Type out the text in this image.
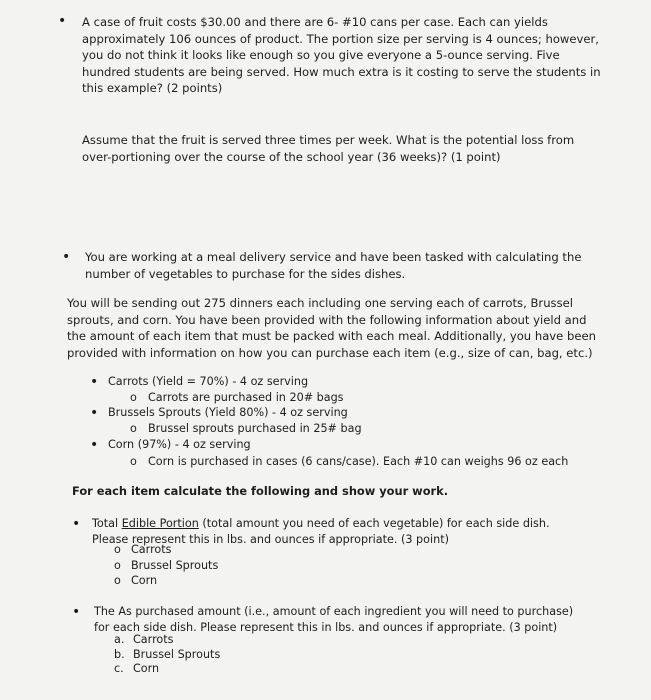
• A case of fruit costs $30.00 and there are 6- #10 cans per case. Each can yields approximately 106 ounces of product. The portion size per serving is 4 ounces; however, you do not think it looks like enough so you give everyone a 5-ounce serving. Five hundred students are being served. How much extra is it costing to serve the students in this example? (2 points)
Assume that the fruit is served three times per week. What is the potential loss from over-portioning over the course of the school year (36 weeks)? (1 point)
• You are working at a meal delivery service and have been tasked with calculating the number of vegetables to purchase for the sides dishes.
You will be sending out 275 dinners each including one serving each of carrots, Brussel sprouts, and corn. You have been provided with the following information about yield and the amount of each item that must be packed with each meal. Additionally, you have been provided with information on how you can purchase each item (e.g., size of can, bag, etc.)
• Carrots (Yield = 70%) - 4 oz serving
o Carrots are purchased in 20# bags
• Brussels Sprouts (Yield 80%) - 4 oz serving
o Brussel sprouts purchased in 25# bag
• Corn (97%) - 4 oz serving
o Corn is purchased in cases (6 cans/case). Each #10 can weighs 96 oz each
For each item calculate the following and show your work.
• Total Edible Portion (total amount you need of each vegetable) for each side dish. Please represent this in lbs. and ounces if appropriate. (3 point)
o Carrots
o Brussel Sprouts
o Corn
• The As purchased amount (i.e., amount of each ingredient you will need to purchase) for each side dish. Please represent this in lbs. and ounces if appropriate. (3 point)
a. Carrots
b. Brussel Sprouts
c. Corn
